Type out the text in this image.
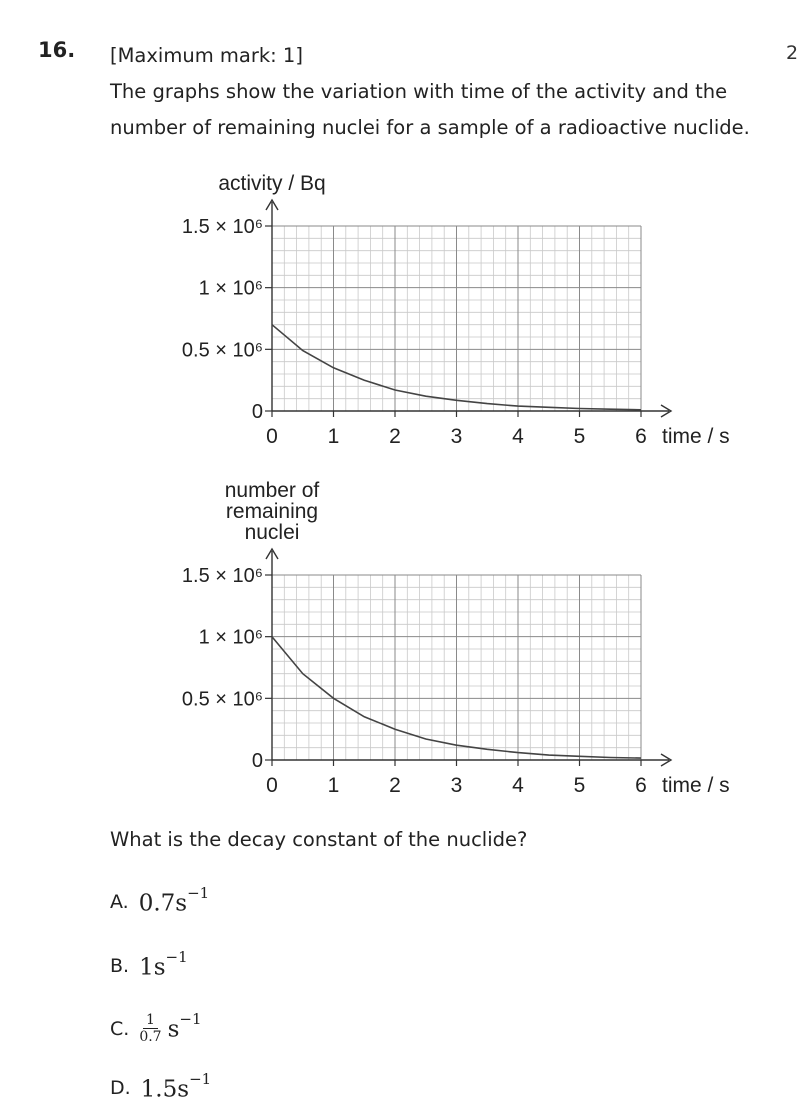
16. [Maximum mark: 1]
The graphs show the variation with time of the activity and the
number of remaining nuclei for a sample of a radioactive nuclide.
2
0
0.5 × 10⁶
1 × 10⁶
1.5 × 10⁶
0 1 2 3 4 5 6 time / s
activity / Bq
0
0.5 × 10⁶
1 × 10⁶
1.5 × 10⁶
0 1 2 3 4 5 6 time / s
number of
remaining
nuclei
What is the decay constant of the nuclide?
A. $0.7s^{-1}$
B. $1s^{-1}$
C. $\frac{1}{0.7} s^{-1}$
D. $1.5s^{-1}$
